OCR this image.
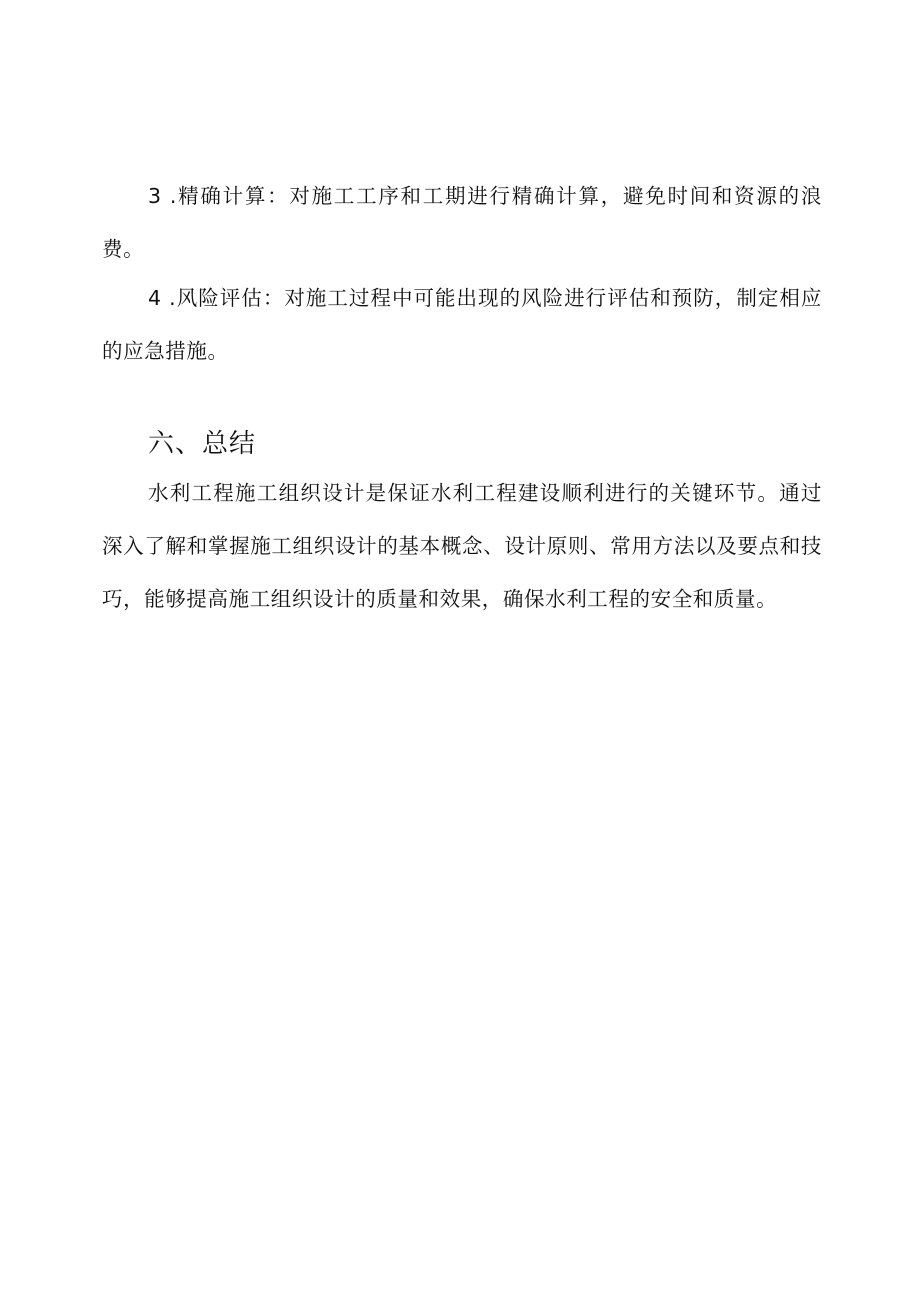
3 .精确计算：对施工工序和工期进行精确计算，避免时间和资源的浪费。

4 .风险评估：对施工过程中可能出现的风险进行评估和预防，制定相应的应急措施。

六、总结

水利工程施工组织设计是保证水利工程建设顺利进行的关键环节。通过深入了解和掌握施工组织设计的基本概念、设计原则、常用方法以及要点和技巧，能够提高施工组织设计的质量和效果，确保水利工程的安全和质量。
